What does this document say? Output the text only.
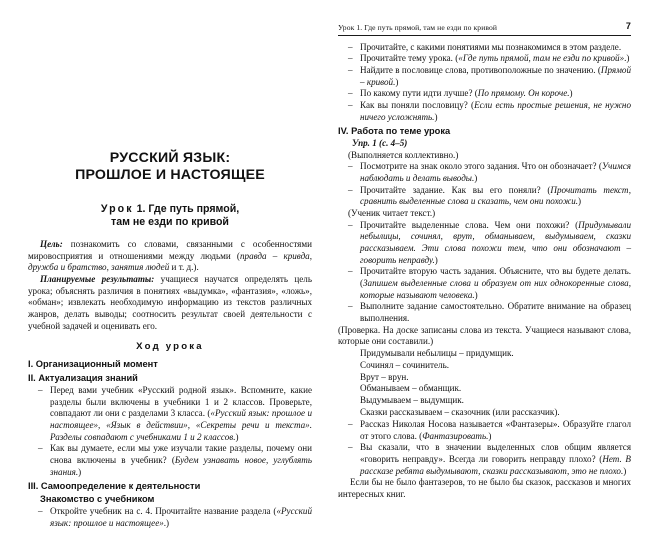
РУССКИЙ ЯЗЫК:
ПРОШЛОЕ И НАСТОЯЩЕЕ
Урок 1. Где путь прямой,
там не езди по кривой

Цель: познакомить со словами, связанными с особенностями мировосприятия и отношениями между людьми (правда – кривда, дружба и братство, занятия людей и т. д.).

Планируемые результаты: учащиеся научатся определять цель урока; объяснять различия в понятиях «выдумка», «фантазия», «ложь», «обман»; извлекать необходимую информацию из текстов различных жанров, делать выводы; соотносить результат своей деятельности с учебной задачей и оценивать его.

Ход урока
I. Организационный момент
II. Актуализация знаний

– Перед вами учебник «Русский родной язык». Вспомните, какие разделы были включены в учебники 1 и 2 классов. Проверьте, совпадают ли они с разделами 3 класса. («Русский язык: прошлое и настоящее», «Язык в действии», «Секреты речи и текста». Разделы совпадают с учебниками 1 и 2 классов.)

– Как вы думаете, если мы уже изучали такие разделы, почему они снова включены в учебник? (Будем узнавать новое, углублять знания.)

III. Самоопределение к деятельности
Знакомство с учебником

– Откройте учебник на с. 4. Прочитайте название раздела («Русский язык: прошлое и настоящее».)

Урок 1. Где путь прямой, там не езди по кривой	7

– Прочитайте, с какими понятиями мы познакомимся в этом разделе.

– Прочитайте тему урока. («Где путь прямой, там не езди по кривой».)

– Найдите в пословице слова, противоположные по значению. (Прямой – кривой.)

– По какому пути идти лучше? (По прямому. Он короче.)

– Как вы поняли пословицу? (Если есть простые решения, не нужно ничего усложнять.)

IV. Работа по теме урока
Упр. 1 (с. 4–5)

(Выполняется коллективно.)

– Посмотрите на знак около этого задания. Что он обозначает? (Учимся наблюдать и делать выводы.)

– Прочитайте задание. Как вы его поняли? (Прочитать текст, сравнить выделенные слова и сказать, чем они похожи.)

(Ученик читает текст.)

– Прочитайте выделенные слова. Чем они похожи? (Придумывали небылицы, сочинял, врут, обманываем, выдумываем, сказки рассказываем. Эти слова похожи тем, что они обозначают – говорить неправду.)

– Прочитайте вторую часть задания. Объясните, что вы будете делать. (Запишем выделенные слова и образуем от них однокоренные слова, которые называют человека.)

– Выполните задание самостоятельно. Обратите внимание на образец выполнения.

(Проверка. На доске записаны слова из текста. Учащиеся называют слова, которые они составили.)

Придумывали небылицы – придумщик.

Сочинял – сочинитель.

Врут – врун.

Обманываем – обманщик.

Выдумываем – выдумщик.

Сказки рассказываем – сказочник (или рассказчик).

– Рассказ Николая Носова называется «Фантазеры». Образуйте глагол от этого слова. (Фантазировать.)

– Вы сказали, что в значении выделенных слов общим является «говорить неправду». Всегда ли говорить неправду плохо? (Нет. В рассказе ребята выдумывают, сказки рассказывают, это не плохо.)

Если бы не было фантазеров, то не было бы сказок, рассказов и многих интересных книг.
